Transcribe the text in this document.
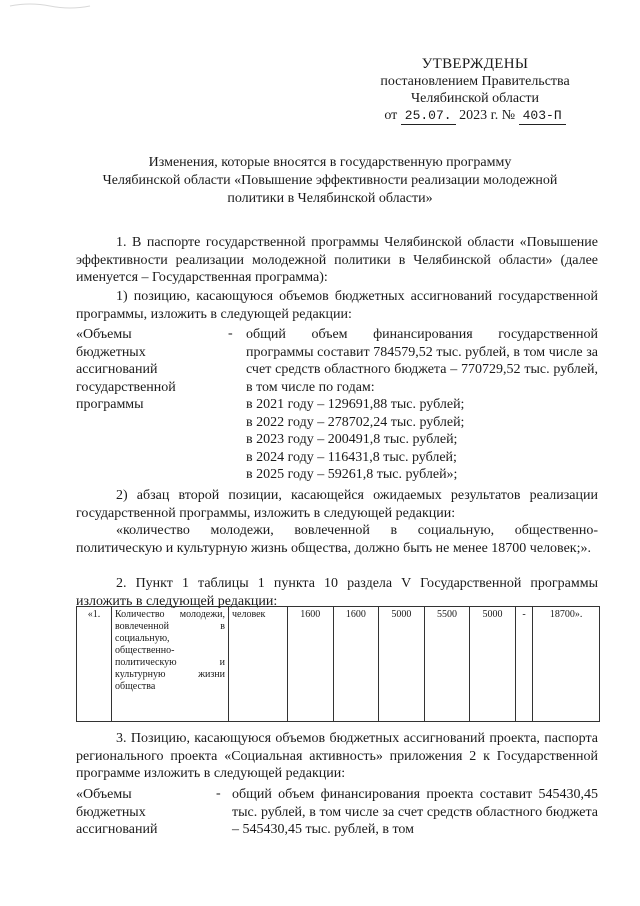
УТВЕРЖДЕНЫ
постановлением Правительства
Челябинской области
от 25.07. 2023 г. № 403-П
Изменения, которые вносятся в государственную программу
Челябинской области «Повышение эффективности реализации молодежной
политики в Челябинской области»
1. В паспорте государственной программы Челябинской области «Повышение эффективности реализации молодежной политики в Челябинской области» (далее именуется – Государственная программа):
1) позицию, касающуюся объемов бюджетных ассигнований государственной программы, изложить в следующей редакции:
«Объемы
бюджетных
ассигнований
государственной
программы
- общий объем финансирования государственной программы составит 784579,52 тыс. рублей, в том числе за счет средств областного бюджета – 770729,52 тыс. рублей, в том числе по годам:
в 2021 году – 129691,88 тыс. рублей;
в 2022 году – 278702,24 тыс. рублей;
в 2023 году – 200491,8 тыс. рублей;
в 2024 году – 116431,8 тыс. рублей;
в 2025 году – 59261,8 тыс. рублей»;
2) абзац второй позиции, касающейся ожидаемых результатов реализации государственной программы, изложить в следующей редакции:
«количество молодежи, вовлеченной в социальную, общественно-политическую и культурную жизнь общества, должно быть не менее 18700 человек;».
2. Пункт 1 таблицы 1 пункта 10 раздела V Государственной программы изложить в следующей редакции:
«1.	Количество молодежи, вовлеченной в социальную, общественно-политическую и культурную жизни общества	человек	1600	1600	5000	5500	5000	-	18700».
3. Позицию, касающуюся объемов бюджетных ассигнований проекта, паспорта регионального проекта «Социальная активность» приложения 2 к Государственной программе изложить в следующей редакции:
«Объемы
бюджетных
ассигнований
- общий объем финансирования проекта составит 545430,45 тыс. рублей, в том числе за счет средств областного бюджета – 545430,45 тыс. рублей, в том
